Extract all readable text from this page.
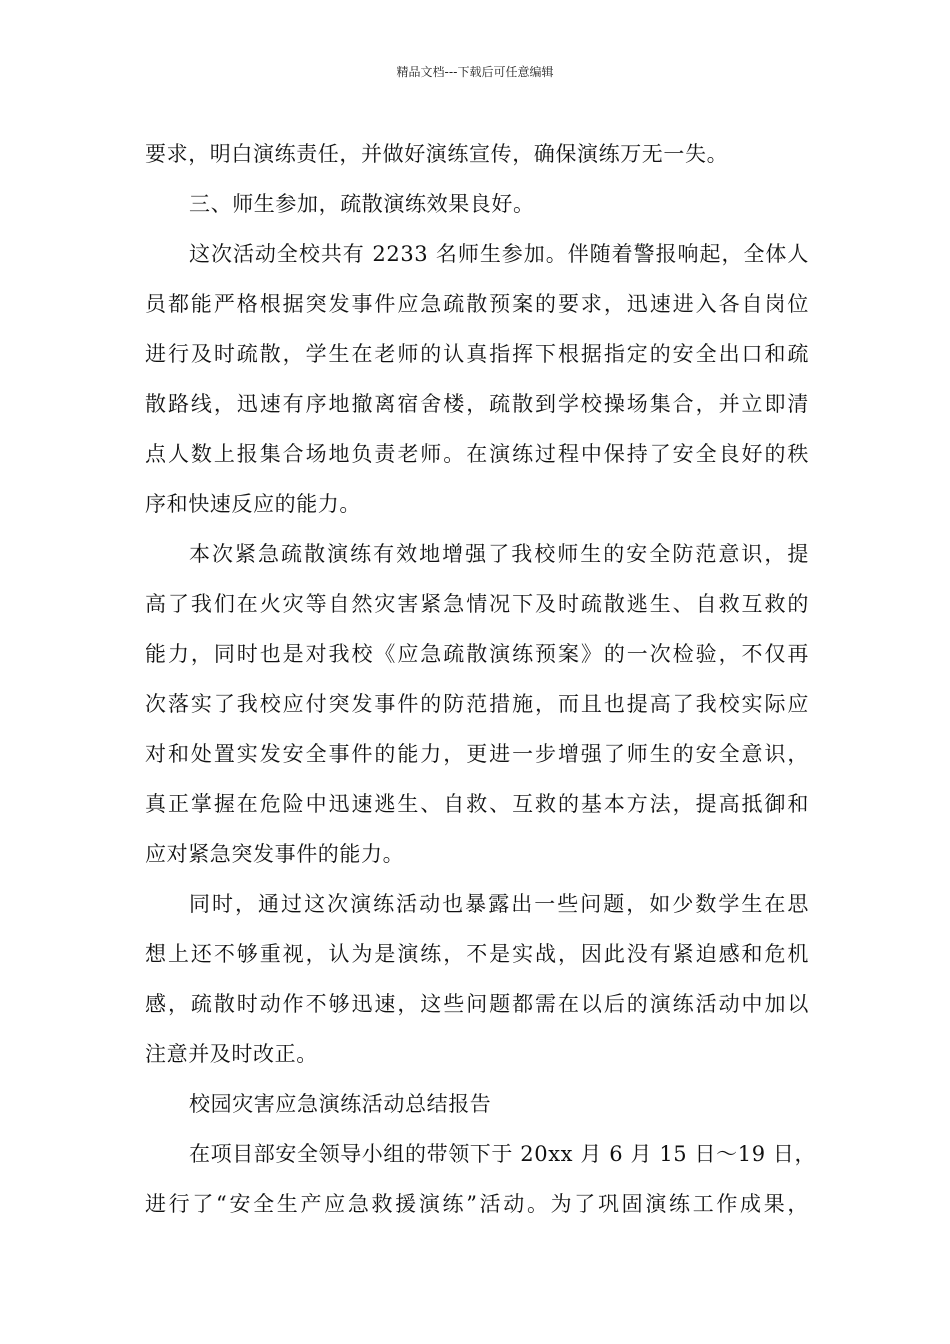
精品文档---下载后可任意编辑
要求，明白演练责任，并做好演练宣传，确保演练万无一失。
三、师生参加，疏散演练效果良好。
这次活动全校共有 2233 名师生参加。伴随着警报响起，全体人
员都能严格根据突发事件应急疏散预案的要求，迅速进入各自岗位
进行及时疏散，学生在老师的认真指挥下根据指定的安全出口和疏
散路线，迅速有序地撤离宿舍楼，疏散到学校操场集合，并立即清
点人数上报集合场地负责老师。在演练过程中保持了安全良好的秩
序和快速反应的能力。
本次紧急疏散演练有效地增强了我校师生的安全防范意识，提
高了我们在火灾等自然灾害紧急情况下及时疏散逃生、自救互救的
能力，同时也是对我校《应急疏散演练预案》的一次检验，不仅再
次落实了我校应付突发事件的防范措施，而且也提高了我校实际应
对和处置实发安全事件的能力，更进一步增强了师生的安全意识，
真正掌握在危险中迅速逃生、自救、互救的基本方法，提高抵御和
应对紧急突发事件的能力。
同时，通过这次演练活动也暴露出一些问题，如少数学生在思
想上还不够重视，认为是演练，不是实战，因此没有紧迫感和危机
感，疏散时动作不够迅速，这些问题都需在以后的演练活动中加以
注意并及时改正。
校园灾害应急演练活动总结报告
在项目部安全领导小组的带领下于 20xx 月 6 月 15 日～19 日，
进行了“安全生产应急救援演练”活动。为了巩固演练工作成果，
